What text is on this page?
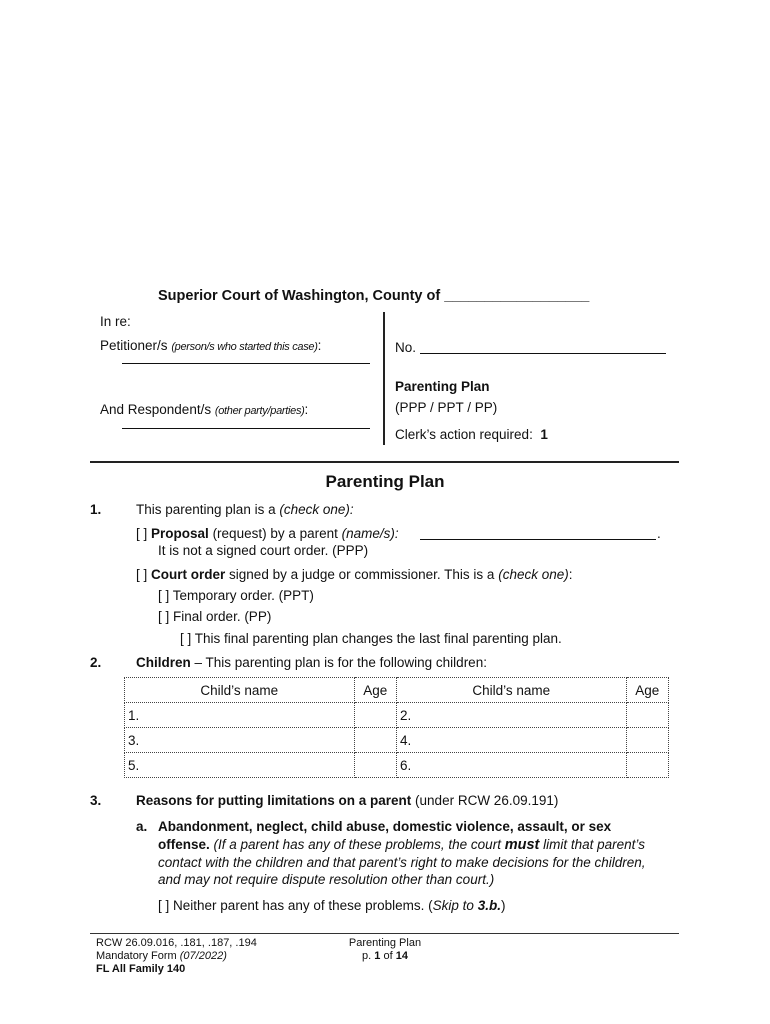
Superior Court of Washington, County of __________________
In re:
Petitioner/s (person/s who started this case):
And Respondent/s (other party/parties):
No.
Parenting Plan
(PPP / PPT / PP)
Clerk’s action required: 1
Parenting Plan
1.	This parenting plan is a (check one):
[ ] Proposal (request) by a parent (name/s):	.
It is not a signed court order. (PPP)
[ ] Court order signed by a judge or commissioner. This is a (check one):
[ ] Temporary order. (PPT)
[ ] Final order. (PP)
[ ] This final parenting plan changes the last final parenting plan.
2.	Children – This parenting plan is for the following children:
Child’s name	Age	Child’s name	Age
1.		2.	
3.		4.	
5.		6.	
3.	Reasons for putting limitations on a parent (under RCW 26.09.191)
a. Abandonment, neglect, child abuse, domestic violence, assault, or sex
offense. (If a parent has any of these problems, the court must limit that parent’s
contact with the children and that parent’s right to make decisions for the children,
and may not require dispute resolution other than court.)
[ ] Neither parent has any of these problems. (Skip to 3.b.)
RCW 26.09.016, .181, .187, .194
Mandatory Form (07/2022)
FL All Family 140
Parenting Plan
p. 1 of 14
